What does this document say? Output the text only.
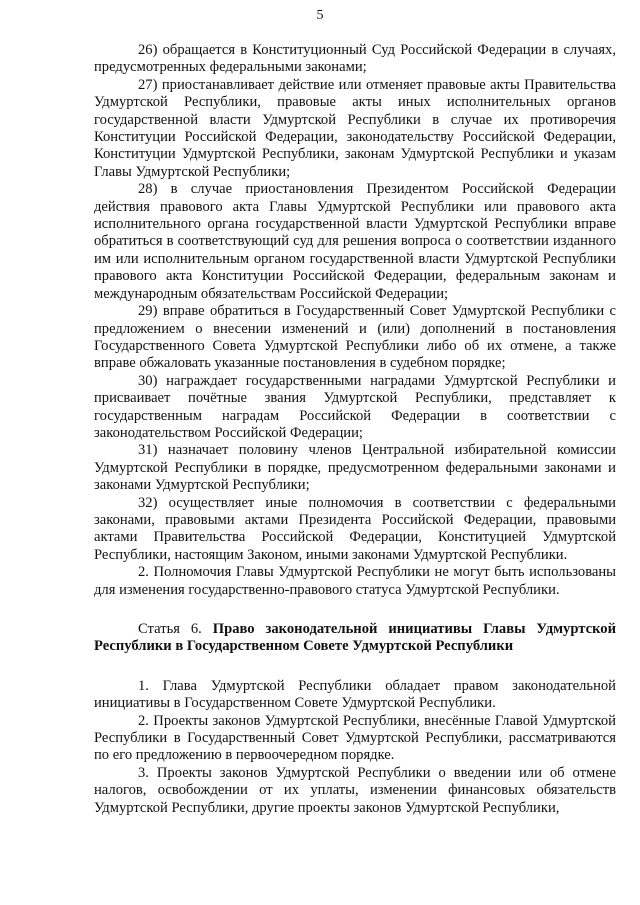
5

26) обращается в Конституционный Суд Российской Федерации в случаях, предусмотренных федеральными законами;

27) приостанавливает действие или отменяет правовые акты Правительства Удмуртской Республики, правовые акты иных исполнительных органов государственной власти Удмуртской Республики в случае их противоречия Конституции Российской Федерации, законодательству Российской Федерации, Конституции Удмуртской Республики, законам Удмуртской Республики и указам Главы Удмуртской Республики;

28) в случае приостановления Президентом Российской Федерации действия правового акта Главы Удмуртской Республики или правового акта исполнительного органа государственной власти Удмуртской Республики вправе обратиться в соответствующий суд для решения вопроса о соответствии изданного им или исполнительным органом государственной власти Удмуртской Республики правового акта Конституции Российской Федерации, федеральным законам и международным обязательствам Российской Федерации;

29) вправе обратиться в Государственный Совет Удмуртской Республики с предложением о внесении изменений и (или) дополнений в постановления Государственного Совета Удмуртской Республики либо об их отмене, а также вправе обжаловать указанные постановления в судебном порядке;

30) награждает государственными наградами Удмуртской Республики и присваивает почётные звания Удмуртской Республики, представляет к государственным наградам Российской Федерации в соответствии с законодательством Российской Федерации;

31) назначает половину членов Центральной избирательной комиссии Удмуртской Республики в порядке, предусмотренном федеральными законами и законами Удмуртской Республики;

32) осуществляет иные полномочия в соответствии с федеральными законами, правовыми актами Президента Российской Федерации, правовыми актами Правительства Российской Федерации, Конституцией Удмуртской Республики, настоящим Законом, иными законами Удмуртской Республики.

2. Полномочия Главы Удмуртской Республики не могут быть использованы для изменения государственно-правового статуса Удмуртской Республики.

Статья 6. Право законодательной инициативы Главы Удмуртской Республики в Государственном Совете Удмуртской Республики

1. Глава Удмуртской Республики обладает правом законодательной инициативы в Государственном Совете Удмуртской Республики.

2. Проекты законов Удмуртской Республики, внесённые Главой Удмуртской Республики в Государственный Совет Удмуртской Республики, рассматриваются по его предложению в первоочередном порядке.

3. Проекты законов Удмуртской Республики о введении или об отмене налогов, освобождении от их уплаты, изменении финансовых обязательств Удмуртской Республики, другие проекты законов Удмуртской Республики,
